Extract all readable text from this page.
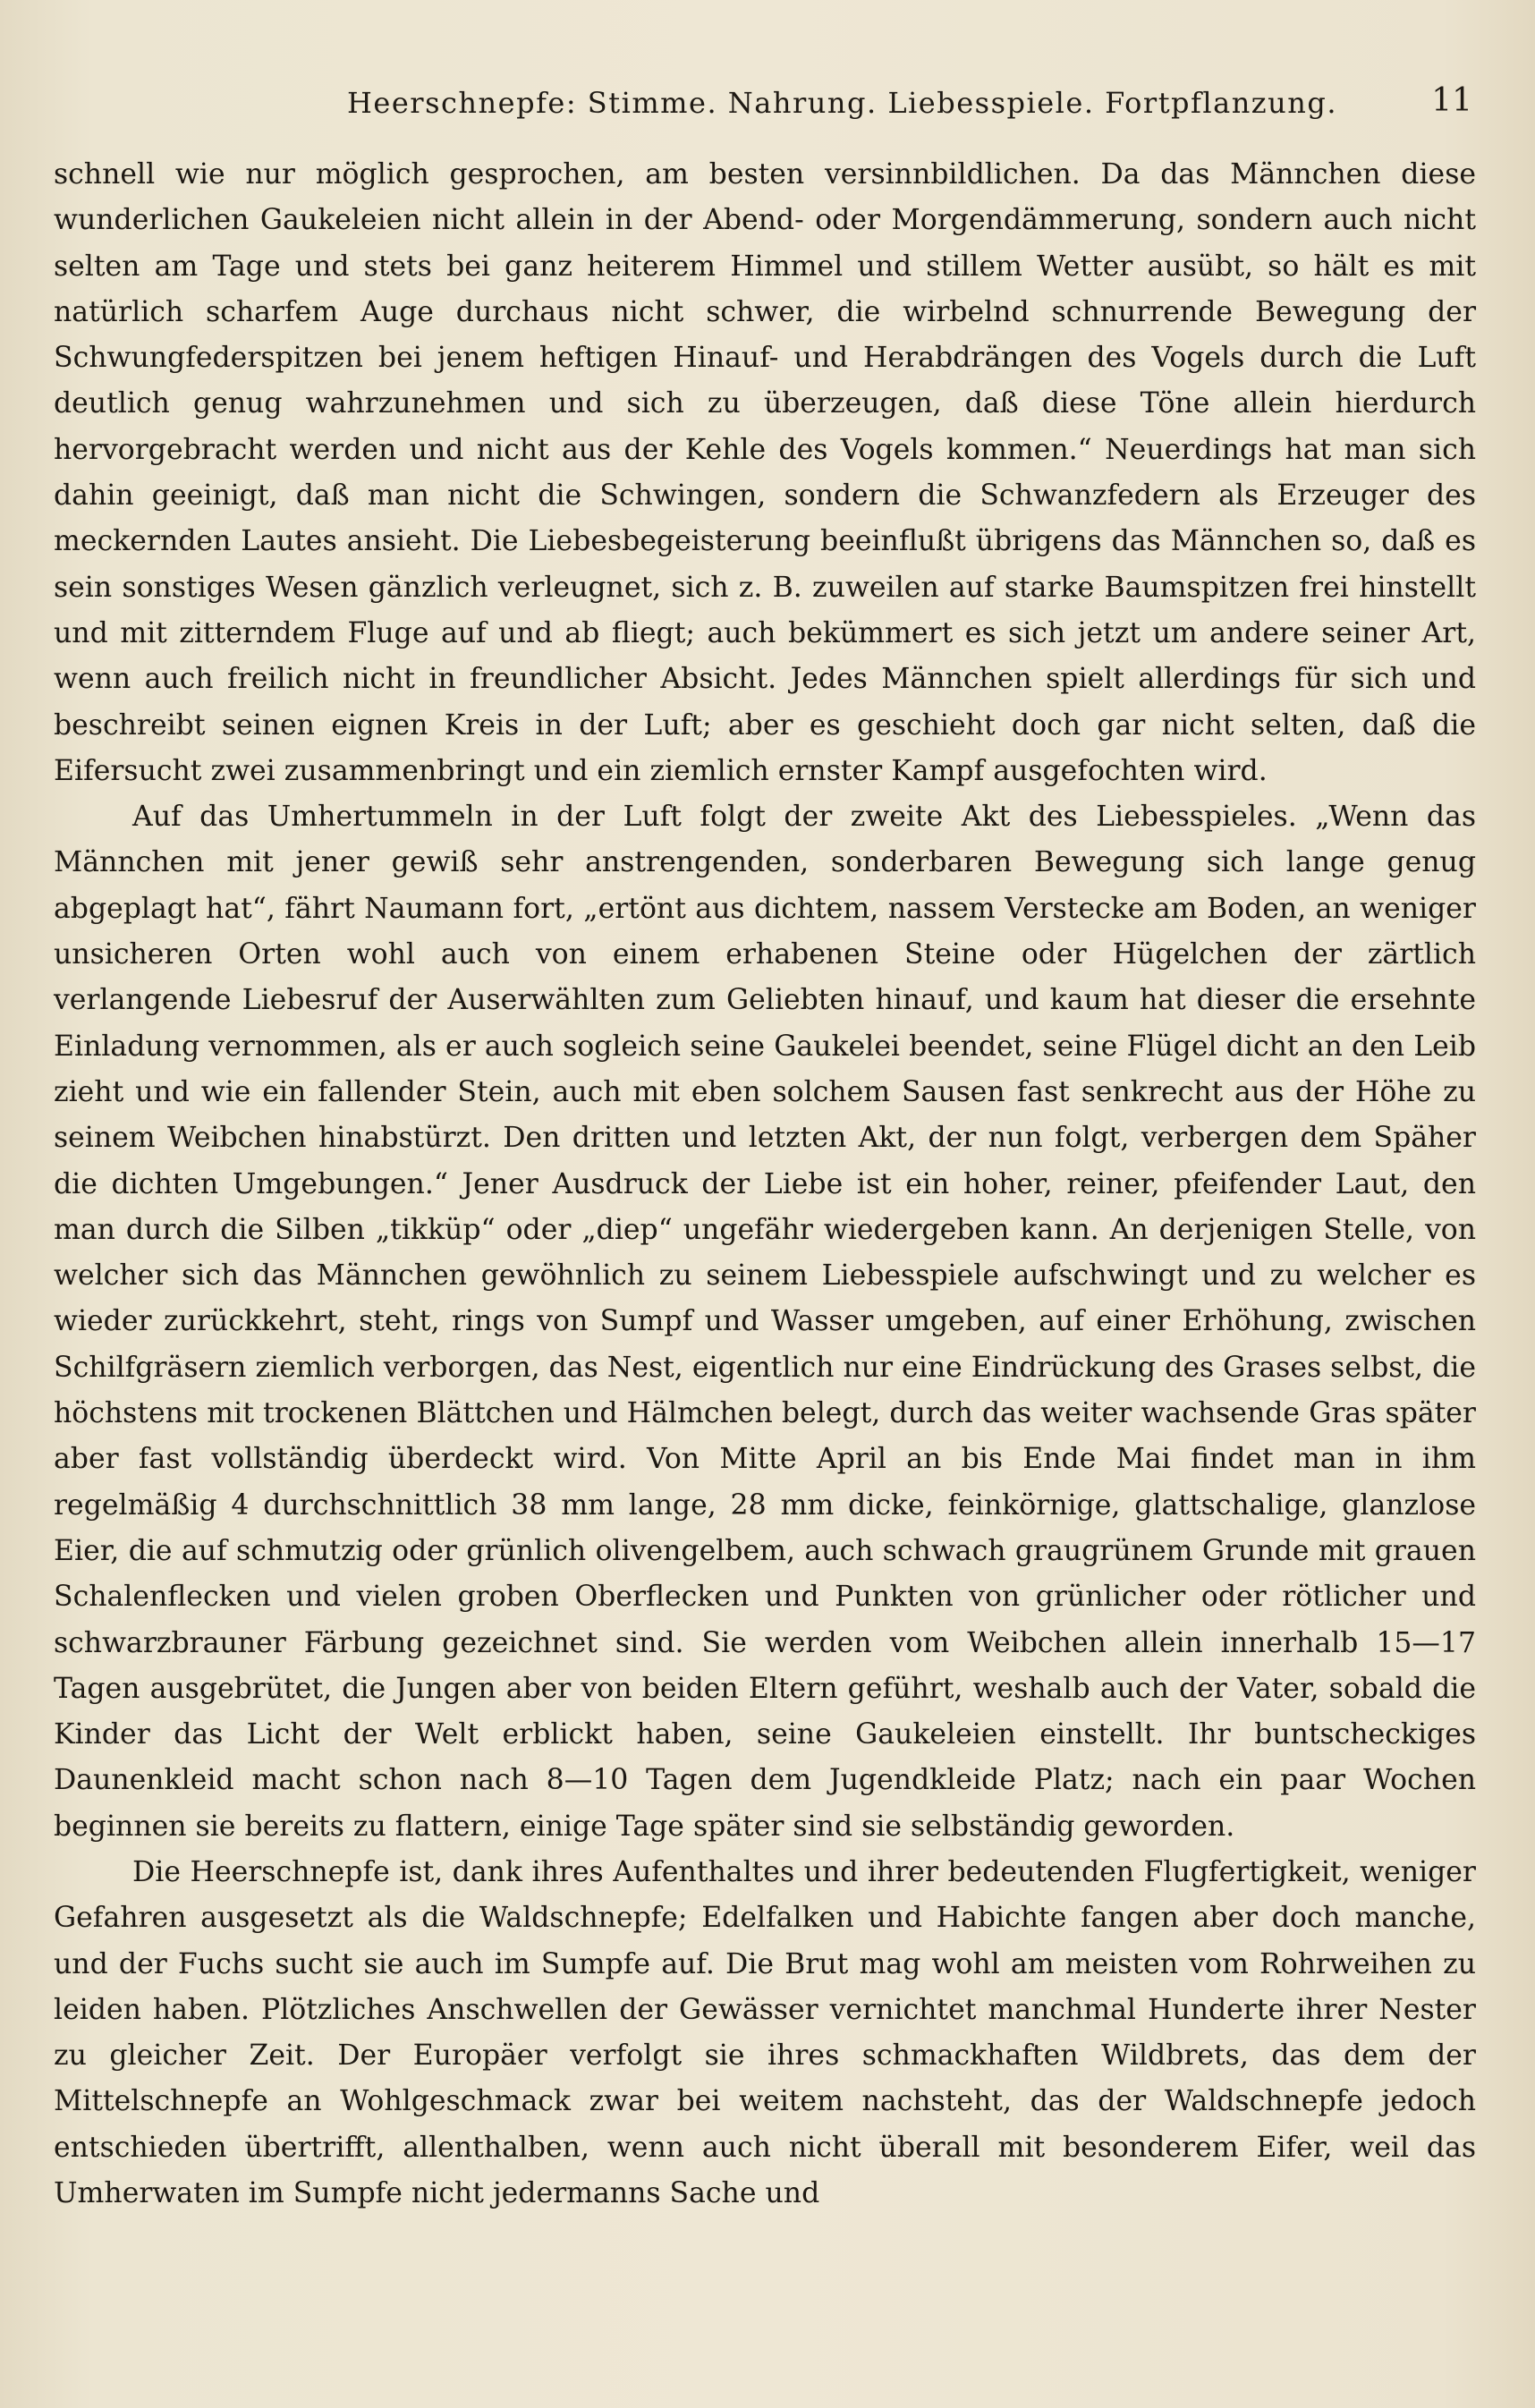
Heerschnepfe: Stimme. Nahrung. Liebesspiele. Fortpflanzung.	11

schnell wie nur möglich gesprochen, am besten versinnbildlichen. Da das Männchen diese wunderlichen Gaukeleien nicht allein in der Abend- oder Morgendämmerung, sondern auch nicht selten am Tage und stets bei ganz heiterem Himmel und stillem Wetter ausübt, so hält es mit natürlich scharfem Auge durchaus nicht schwer, die wirbelnd schnurrende Bewegung der Schwungfederspitzen bei jenem heftigen Hinauf- und Herabdrängen des Vogels durch die Luft deutlich genug wahrzunehmen und sich zu überzeugen, daß diese Töne allein hierdurch hervorgebracht werden und nicht aus der Kehle des Vogels kommen.“ Neuerdings hat man sich dahin geeinigt, daß man nicht die Schwingen, sondern die Schwanzfedern als Erzeuger des meckernden Lautes ansieht. Die Liebesbegeisterung beeinflußt übrigens das Männchen so, daß es sein sonstiges Wesen gänzlich verleugnet, sich z. B. zuweilen auf starke Baumspitzen frei hinstellt und mit zitterndem Fluge auf und ab fliegt; auch bekümmert es sich jetzt um andere seiner Art, wenn auch freilich nicht in freundlicher Absicht. Jedes Männchen spielt allerdings für sich und beschreibt seinen eignen Kreis in der Luft; aber es geschieht doch gar nicht selten, daß die Eifersucht zwei zusammenbringt und ein ziemlich ernster Kampf ausgefochten wird.

Auf das Umhertummeln in der Luft folgt der zweite Akt des Liebesspieles. „Wenn das Männchen mit jener gewiß sehr anstrengenden, sonderbaren Bewegung sich lange genug abgeplagt hat“, fährt Naumann fort, „ertönt aus dichtem, nassem Verstecke am Boden, an weniger unsicheren Orten wohl auch von einem erhabenen Steine oder Hügelchen der zärtlich verlangende Liebesruf der Auserwählten zum Geliebten hinauf, und kaum hat dieser die ersehnte Einladung vernommen, als er auch sogleich seine Gaukelei beendet, seine Flügel dicht an den Leib zieht und wie ein fallender Stein, auch mit eben solchem Sausen fast senkrecht aus der Höhe zu seinem Weibchen hinabstürzt. Den dritten und letzten Akt, der nun folgt, verbergen dem Späher die dichten Umgebungen.“ Jener Ausdruck der Liebe ist ein hoher, reiner, pfeifender Laut, den man durch die Silben „tikküp“ oder „diep“ ungefähr wiedergeben kann. An derjenigen Stelle, von welcher sich das Männchen gewöhnlich zu seinem Liebesspiele aufschwingt und zu welcher es wieder zurückkehrt, steht, rings von Sumpf und Wasser umgeben, auf einer Erhöhung, zwischen Schilfgräsern ziemlich verborgen, das Nest, eigentlich nur eine Eindrückung des Grases selbst, die höchstens mit trockenen Blättchen und Hälmchen belegt, durch das weiter wachsende Gras später aber fast vollständig überdeckt wird. Von Mitte April an bis Ende Mai findet man in ihm regelmäßig 4 durchschnittlich 38 mm lange, 28 mm dicke, feinkörnige, glattschalige, glanzlose Eier, die auf schmutzig oder grünlich olivengelbem, auch schwach graugrünem Grunde mit grauen Schalenflecken und vielen groben Oberflecken und Punkten von grünlicher oder rötlicher und schwarzbrauner Färbung gezeichnet sind. Sie werden vom Weibchen allein innerhalb 15—17 Tagen ausgebrütet, die Jungen aber von beiden Eltern geführt, weshalb auch der Vater, sobald die Kinder das Licht der Welt erblickt haben, seine Gaukeleien einstellt. Ihr buntscheckiges Daunenkleid macht schon nach 8—10 Tagen dem Jugendkleide Platz; nach ein paar Wochen beginnen sie bereits zu flattern, einige Tage später sind sie selbständig geworden.

Die Heerschnepfe ist, dank ihres Aufenthaltes und ihrer bedeutenden Flugfertigkeit, weniger Gefahren ausgesetzt als die Waldschnepfe; Edelfalken und Habichte fangen aber doch manche, und der Fuchs sucht sie auch im Sumpfe auf. Die Brut mag wohl am meisten vom Rohrweihen zu leiden haben. Plötzliches Anschwellen der Gewässer vernichtet manchmal Hunderte ihrer Nester zu gleicher Zeit. Der Europäer verfolgt sie ihres schmackhaften Wildbrets, das dem der Mittelschnepfe an Wohlgeschmack zwar bei weitem nachsteht, das der Waldschnepfe jedoch entschieden übertrifft, allenthalben, wenn auch nicht überall mit besonderem Eifer, weil das Umherwaten im Sumpfe nicht jedermanns Sache und
